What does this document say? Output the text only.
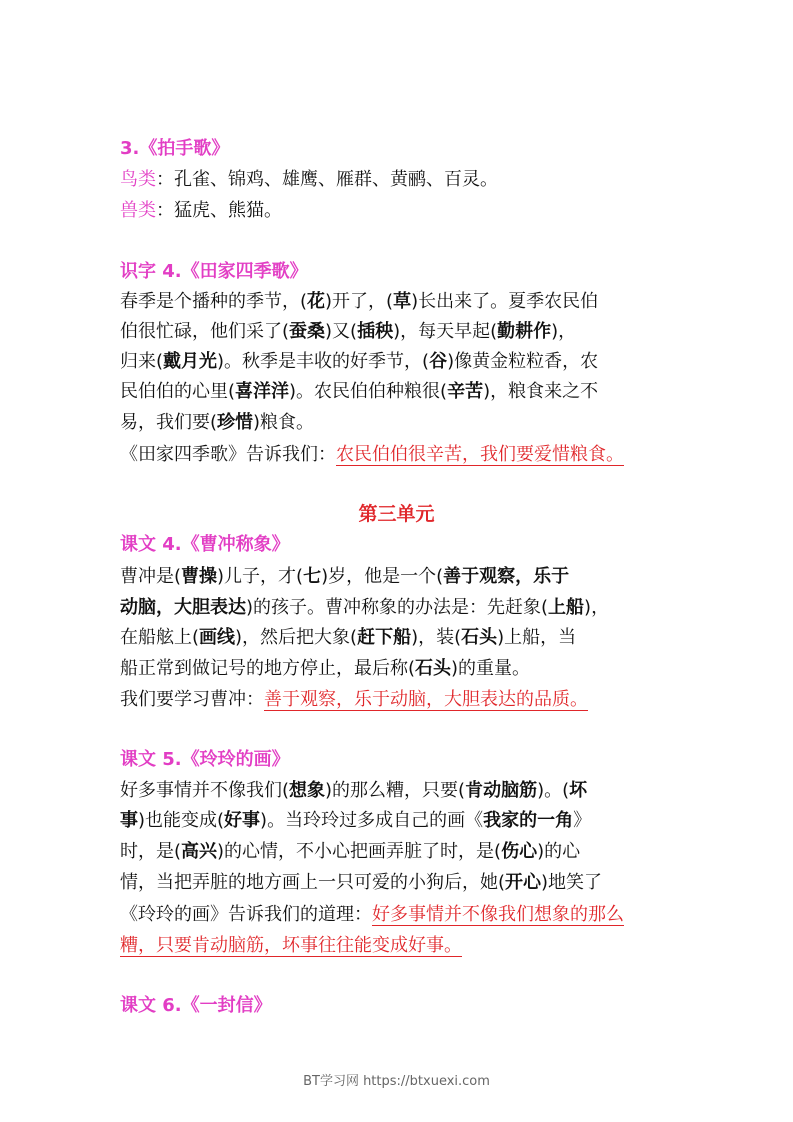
3.《拍手歌》
鸟类：孔雀、锦鸡、雄鹰、雁群、黄鹂、百灵。
兽类：猛虎、熊猫。
识字 4.《田家四季歌》
春季是个播种的季节，(花)开了，(草)长出来了。夏季农民伯
伯很忙碌，他们采了(蚕桑)又(插秧)，每天早起(勤耕作)，
归来(戴月光)。秋季是丰收的好季节，(谷)像黄金粒粒香，农
民伯伯的心里(喜洋洋)。农民伯伯种粮很(辛苦)，粮食来之不
易，我们要(珍惜)粮食。
《田家四季歌》告诉我们：农民伯伯很辛苦，我们要爱惜粮食。
第三单元
课文 4.《曹冲称象》
曹冲是(曹操)儿子，才(七)岁，他是一个(善于观察，乐于
动脑，大胆表达)的孩子。曹冲称象的办法是：先赶象(上船)，
在船舷上(画线)，然后把大象(赶下船)，装(石头)上船，当
船正常到做记号的地方停止，最后称(石头)的重量。
我们要学习曹冲：善于观察，乐于动脑，大胆表达的品质。
课文 5.《玲玲的画》
好多事情并不像我们(想象)的那么糟，只要(肯动脑筋)。(坏
事)也能变成(好事)。当玲玲过多成自己的画《我家的一角》
时，是(高兴)的心情，不小心把画弄脏了时，是(伤心)的心
情，当把弄脏的地方画上一只可爱的小狗后，她(开心)地笑了
《玲玲的画》告诉我们的道理：好多事情并不像我们想象的那么
糟，只要肯动脑筋，坏事往往能变成好事。
课文 6.《一封信》
BT学习网 https://btxuexi.com
